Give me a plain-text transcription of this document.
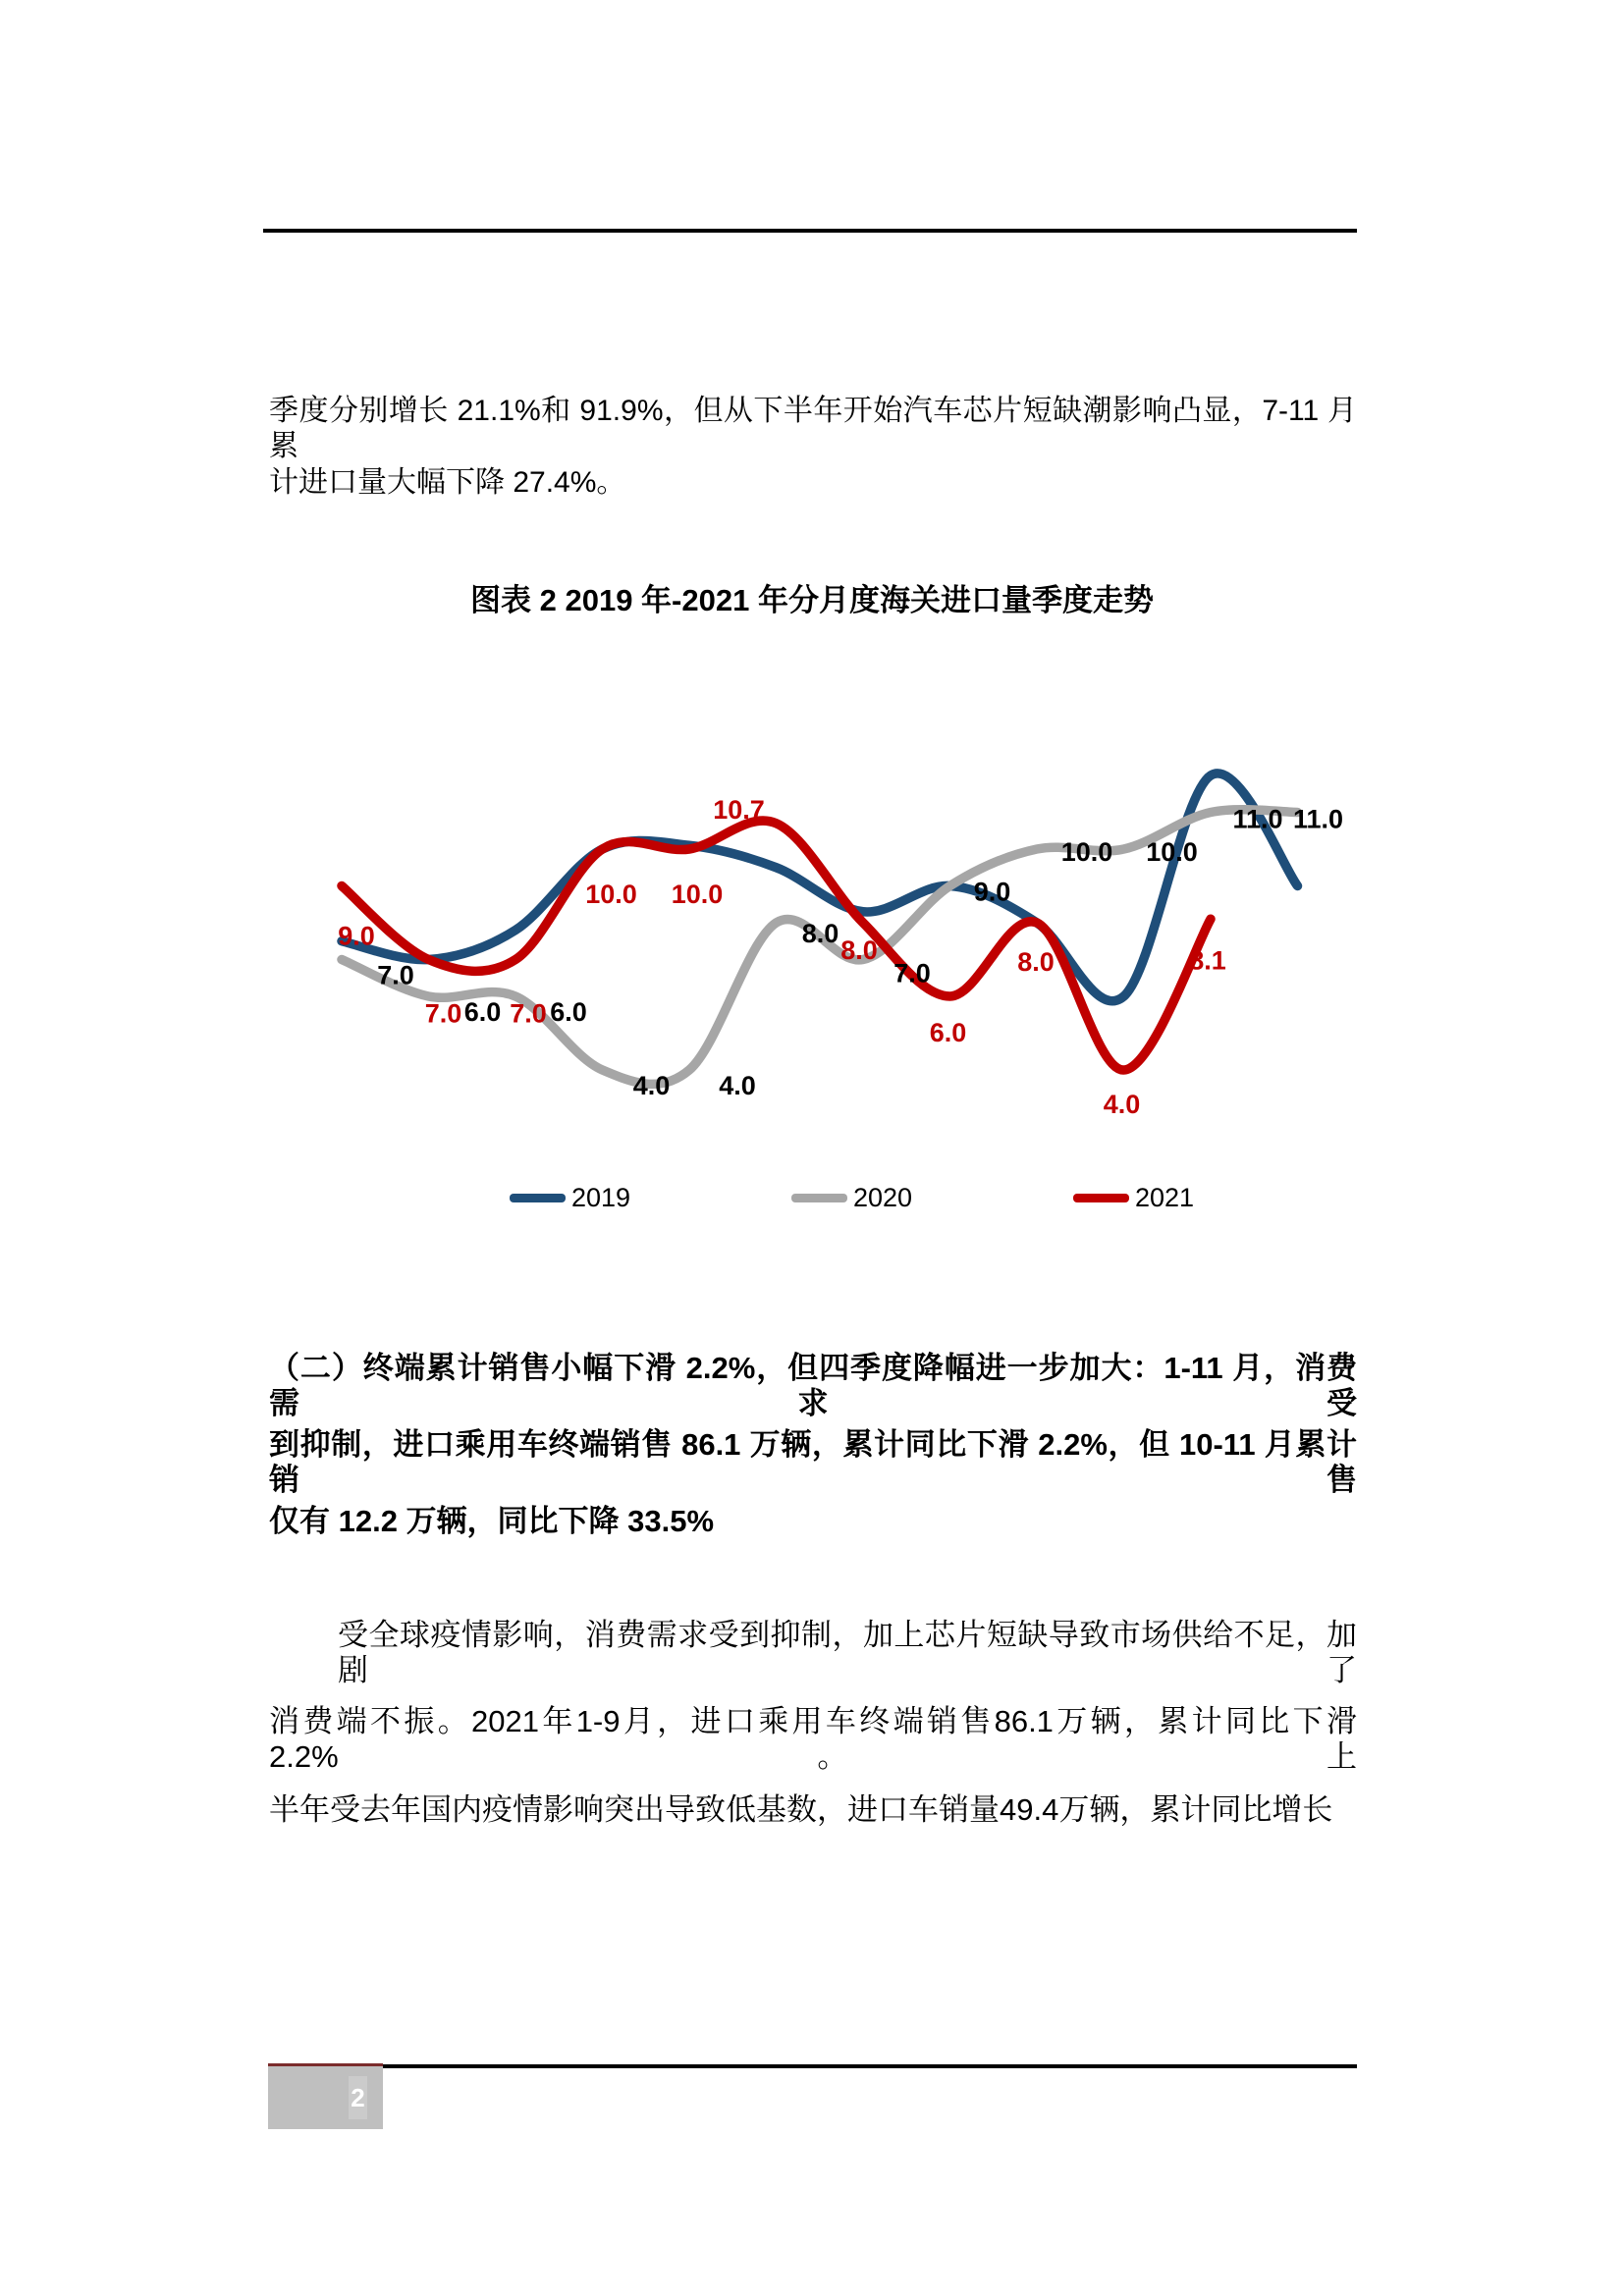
季度分别增长 21.1%和 91.9%，但从下半年开始汽车芯片短缺潮影响凸显，7-11 月累
计进口量大幅下降 27.4%。
图表 2 2019 年-2021 年分月度海关进口量季度走势
7.0
6.0 6.0
4.0 4.0
8.0
7.0
9.0
10.0 10.0
11.0 11.0
9.0
7.0 7.0
10.0 10.0
10.7
8.0
6.0
8.0
4.0
8.1
2019	2020	2021
（二）终端累计销售小幅下滑 2.2%，但四季度降幅进一步加大：1-11 月，消费需求受
到抑制，进口乘用车终端销售 86.1 万辆，累计同比下滑 2.2%，但 10-11 月累计销售
仅有 12.2 万辆，同比下降 33.5%
受全球疫情影响，消费需求受到抑制，加上芯片短缺导致市场供给不足，加剧了
消费端不振。2021年1-9月，进口乘用车终端销售86.1万辆，累计同比下滑2.2%。上
半年受去年国内疫情影响突出导致低基数，进口车销量49.4万辆，累计同比增长
2
